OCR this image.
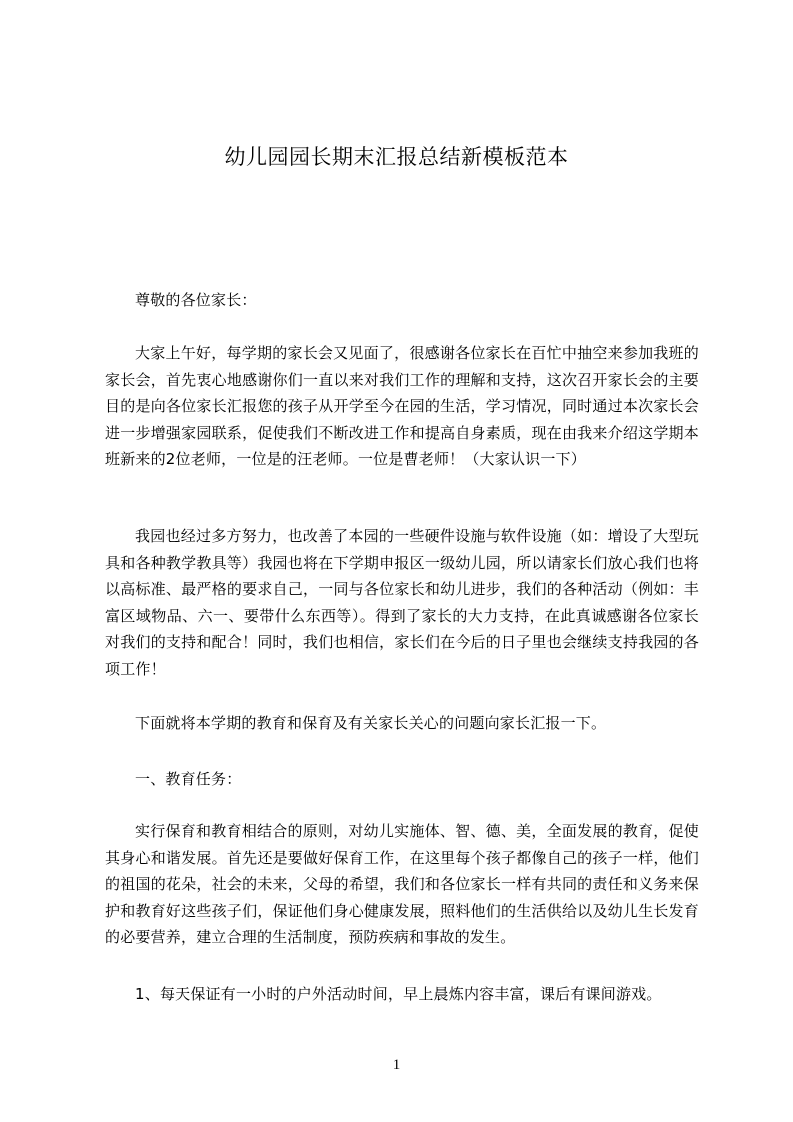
幼儿园园长期末汇报总结新模板范本

尊敬的各位家长：

大家上午好，每学期的家长会又见面了，很感谢各位家长在百忙中抽空来参加我班的家长会，首先衷心地感谢你们一直以来对我们工作的理解和支持，这次召开家长会的主要目的是向各位家长汇报您的孩子从开学至今在园的生活，学习情况，同时通过本次家长会进一步增强家园联系，促使我们不断改进工作和提高自身素质，现在由我来介绍这学期本班新来的2位老师，一位是的汪老师。一位是曹老师！（大家认识一下）

我园也经过多方努力，也改善了本园的一些硬件设施与软件设施（如：增设了大型玩具和各种教学教具等）我园也将在下学期申报区一级幼儿园，所以请家长们放心我们也将以高标准、最严格的要求自己，一同与各位家长和幼儿进步，我们的各种活动（例如：丰富区域物品、六一、要带什么东西等）。得到了家长的大力支持，在此真诚感谢各位家长对我们的支持和配合！同时，我们也相信，家长们在今后的日子里也会继续支持我园的各项工作！

下面就将本学期的教育和保育及有关家长关心的问题向家长汇报一下。

一、教育任务：

实行保育和教育相结合的原则，对幼儿实施体、智、德、美，全面发展的教育，促使其身心和谐发展。首先还是要做好保育工作，在这里每个孩子都像自己的孩子一样，他们的祖国的花朵，社会的未来，父母的希望，我们和各位家长一样有共同的责任和义务来保护和教育好这些孩子们，保证他们身心健康发展，照料他们的生活供给以及幼儿生长发育的必要营养，建立合理的生活制度，预防疾病和事故的发生。

1、每天保证有一小时的户外活动时间，早上晨炼内容丰富，课后有课间游戏。

1
